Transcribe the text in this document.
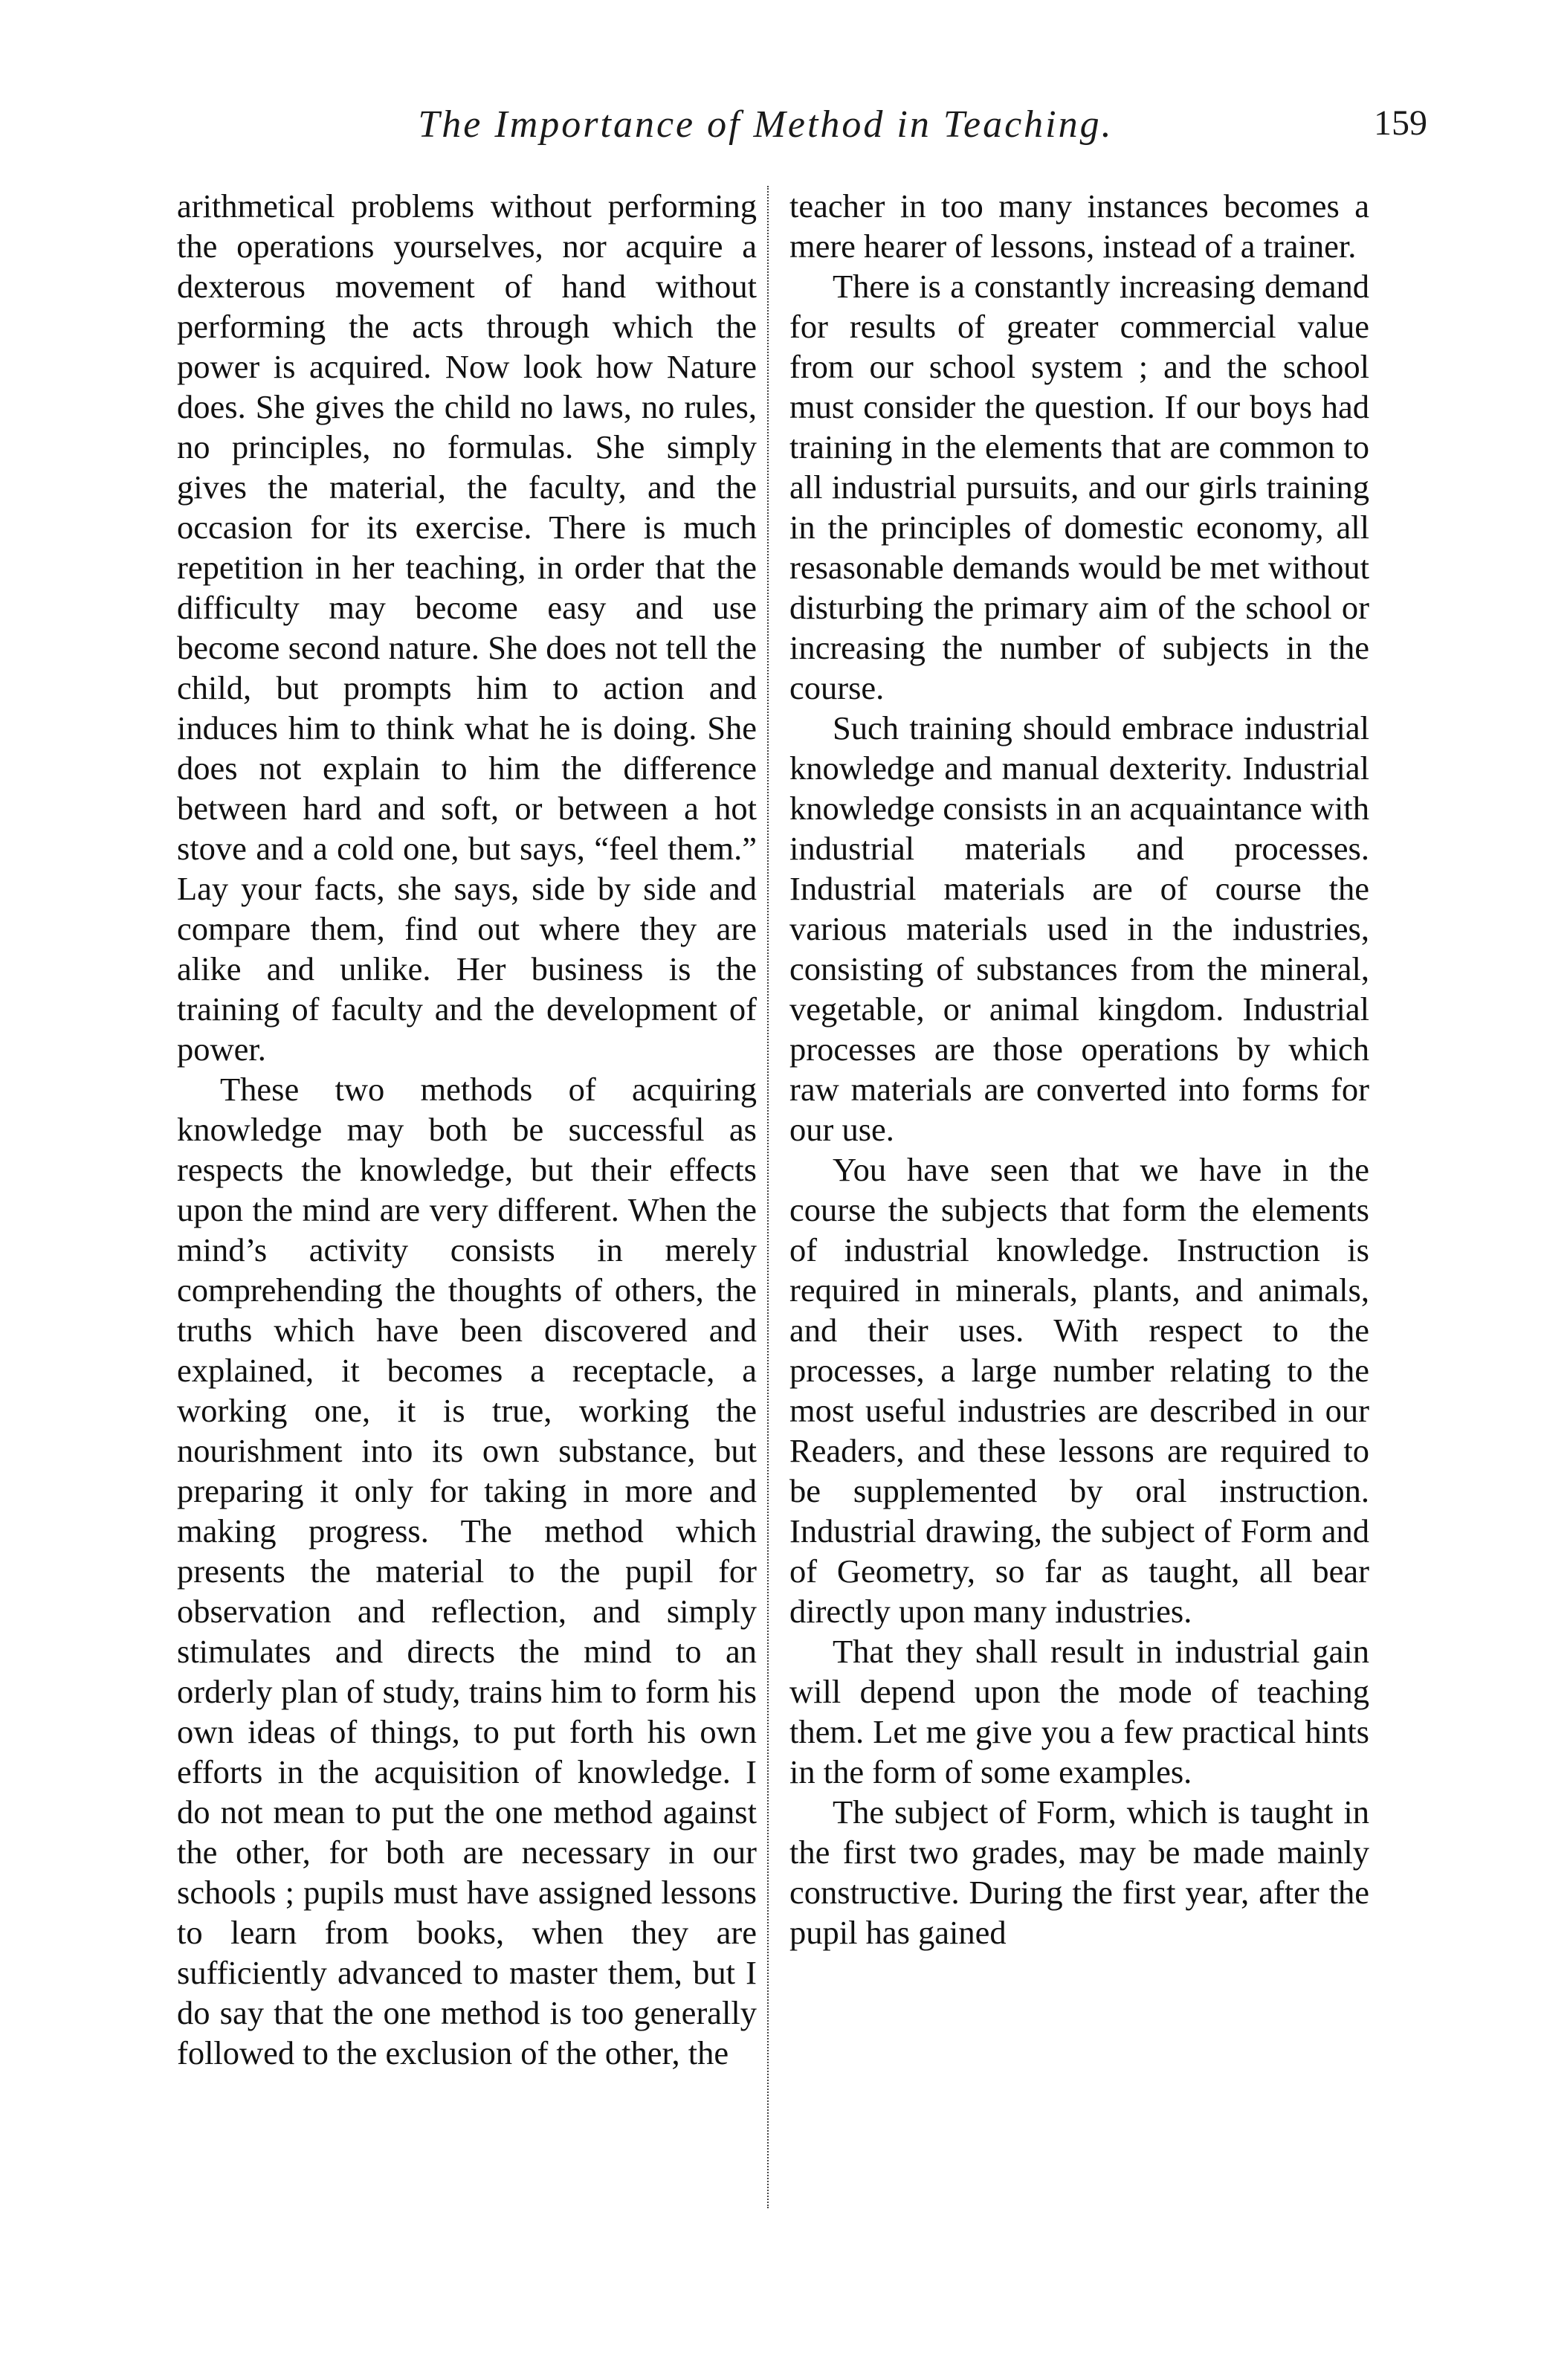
The Importance of Method in Teaching.	159

arithmetical problems without performing the operations yourselves, nor acquire a dexterous movement of hand without performing the acts through which the power is acquired. Now look how Nature does. She gives the child no laws, no rules, no principles, no formulas. She simply gives the material, the faculty, and the occasion for its exercise. There is much repetition in her teaching, in order that the difficulty may become easy and use become second nature. She does not tell the child, but prompts him to action and induces him to think what he is doing. She does not explain to him the difference between hard and soft, or between a hot stove and a cold one, but says, “feel them.” Lay your facts, she says, side by side and compare them, find out where they are alike and unlike. Her business is the training of faculty and the development of power.

These two methods of acquiring knowledge may both be successful as respects the knowledge, but their effects upon the mind are very different. When the mind’s activity consists in merely comprehending the thoughts of others, the truths which have been discovered and explained, it becomes a receptacle, a working one, it is true, working the nourishment into its own substance, but preparing it only for taking in more and making progress. The method which presents the material to the pupil for observation and reflection, and simply stimulates and directs the mind to an orderly plan of study, trains him to form his own ideas of things, to put forth his own efforts in the acquisition of knowledge. I do not mean to put the one method against the other, for both are necessary in our schools ; pupils must have assigned lessons to learn from books, when they are sufficiently advanced to master them, but I do say that the one method is too generally followed to the exclusion of the other, the

teacher in too many instances becomes a mere hearer of lessons, instead of a trainer.

There is a constantly increasing demand for results of greater commercial value from our school system ; and the school must consider the question. If our boys had training in the elements that are common to all industrial pursuits, and our girls training in the principles of domestic economy, all resasonable demands would be met without disturbing the primary aim of the school or increasing the number of subjects in the course.

Such training should embrace industrial knowledge and manual dexterity. Industrial knowledge consists in an acquaintance with industrial materials and processes. Industrial materials are of course the various materials used in the industries, consisting of substances from the mineral, vegetable, or animal kingdom. Industrial processes are those operations by which raw materials are converted into forms for our use.

You have seen that we have in the course the subjects that form the elements of industrial knowledge. Instruction is required in minerals, plants, and animals, and their uses. With respect to the processes, a large number relating to the most useful industries are described in our Readers, and these lessons are required to be supplemented by oral instruction. Industrial drawing, the subject of Form and of Geometry, so far as taught, all bear directly upon many industries.

That they shall result in industrial gain will depend upon the mode of teaching them. Let me give you a few practical hints in the form of some examples.

The subject of Form, which is taught in the first two grades, may be made mainly constructive. During the first year, after the pupil has gained
